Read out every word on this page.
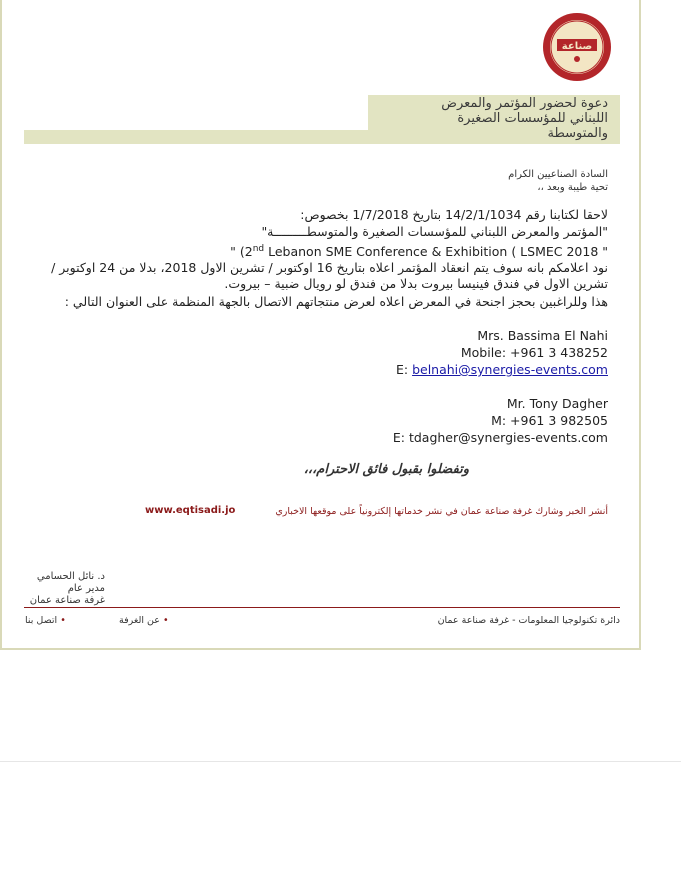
صناعة
دعوة لحضور المؤتمر والمعرض
اللبناني للمؤسسات الصغيرة
والمتوسطة
السادة الصناعيين الكرام
تحية طيبة وبعد ،،
لاحقا لكتابنا رقم 14/2/1/1034 بتاريخ 1/7/2018 بخصوص:
"المؤتمر والمعرض اللبناني للمؤسسات الصغيرة والمتوسطـــــــــة"
" (2nd Lebanon SME Conference & Exhibition ( LSMEC 2018 "
نود اعلامكم بانه سوف يتم انعقاد المؤتمر اعلاه بتاريخ 16 اوكتوبر / تشرين الاول 2018، بدلا من 24 اوكتوبر /تشرين الاول في فندق فينيسا بيروت بدلا من فندق لو رويال ضبية – بيروت.
هذا وللراغبين بحجز اجنحة في المعرض اعلاه لعرض منتجاتهم الاتصال بالجهة المنظمة على العنوان التالي :
Mrs. Bassima El Nahi
Mobile: +961 3 438252
E: belnahi@synergies-events.com
Mr. Tony Dagher
M: +961 3 982505
E: tdagher@synergies-events.com
وتفضلوا بقبول فائق الاحترام،،،
أنشر الخبر وشارك غرفة صناعة عمان في نشر خدماتها إلكترونياً على موقعها الاخباري
www.eqtisadi.jo
د. نائل الحسامي
مدير عام
غرفة صناعة عمان
دائرة تكنولوجيا المعلومات - غرفة صناعة عمان
عن الغرفة •
اتصل بنا •
